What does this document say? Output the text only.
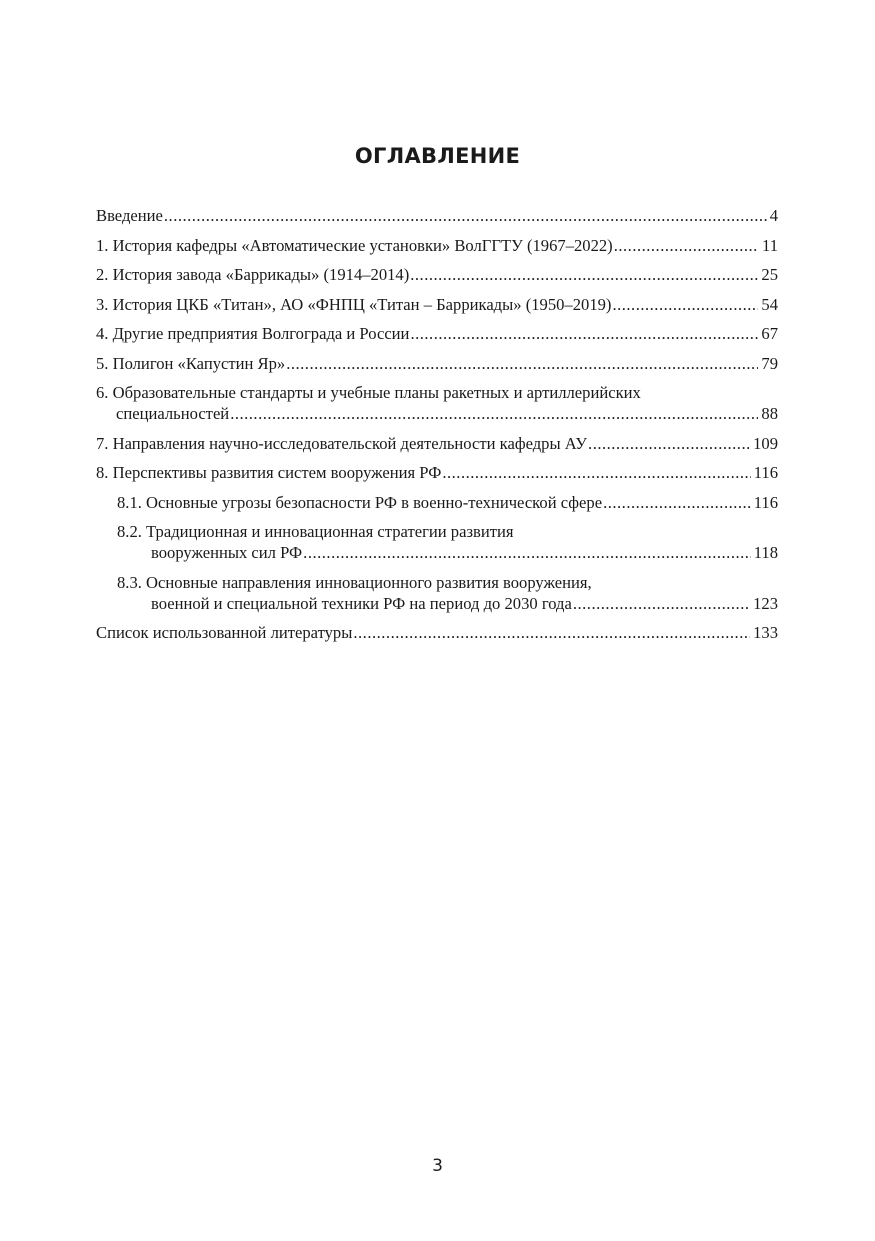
ОГЛАВЛЕНИЕ
Введение .....	4
1. История кафедры «Автоматические установки» ВолГГТУ (1967–2022) .....	11
2. История завода «Баррикады» (1914–2014) .....	25
3. История ЦКБ «Титан», АО «ФНПЦ «Титан – Баррикады» (1950–2019) .....	54
4. Другие предприятия Волгограда и России .....	67
5. Полигон «Капустин Яр» .....	79
6. Образовательные стандарты и учебные планы ракетных и артиллерийских
специальностей .....	88
7. Направления научно-исследовательской деятельности кафедры АУ .....	109
8. Перспективы развития систем вооружения РФ .....	116
8.1. Основные угрозы безопасности РФ в военно-технической сфере .....	116
8.2. Традиционная и инновационная стратегии развития
вооруженных сил РФ .....	118
8.3. Основные направления инновационного развития вооружения,
военной и специальной техники РФ на период до 2030 года .....	123
Список использованной литературы .....	133
3
